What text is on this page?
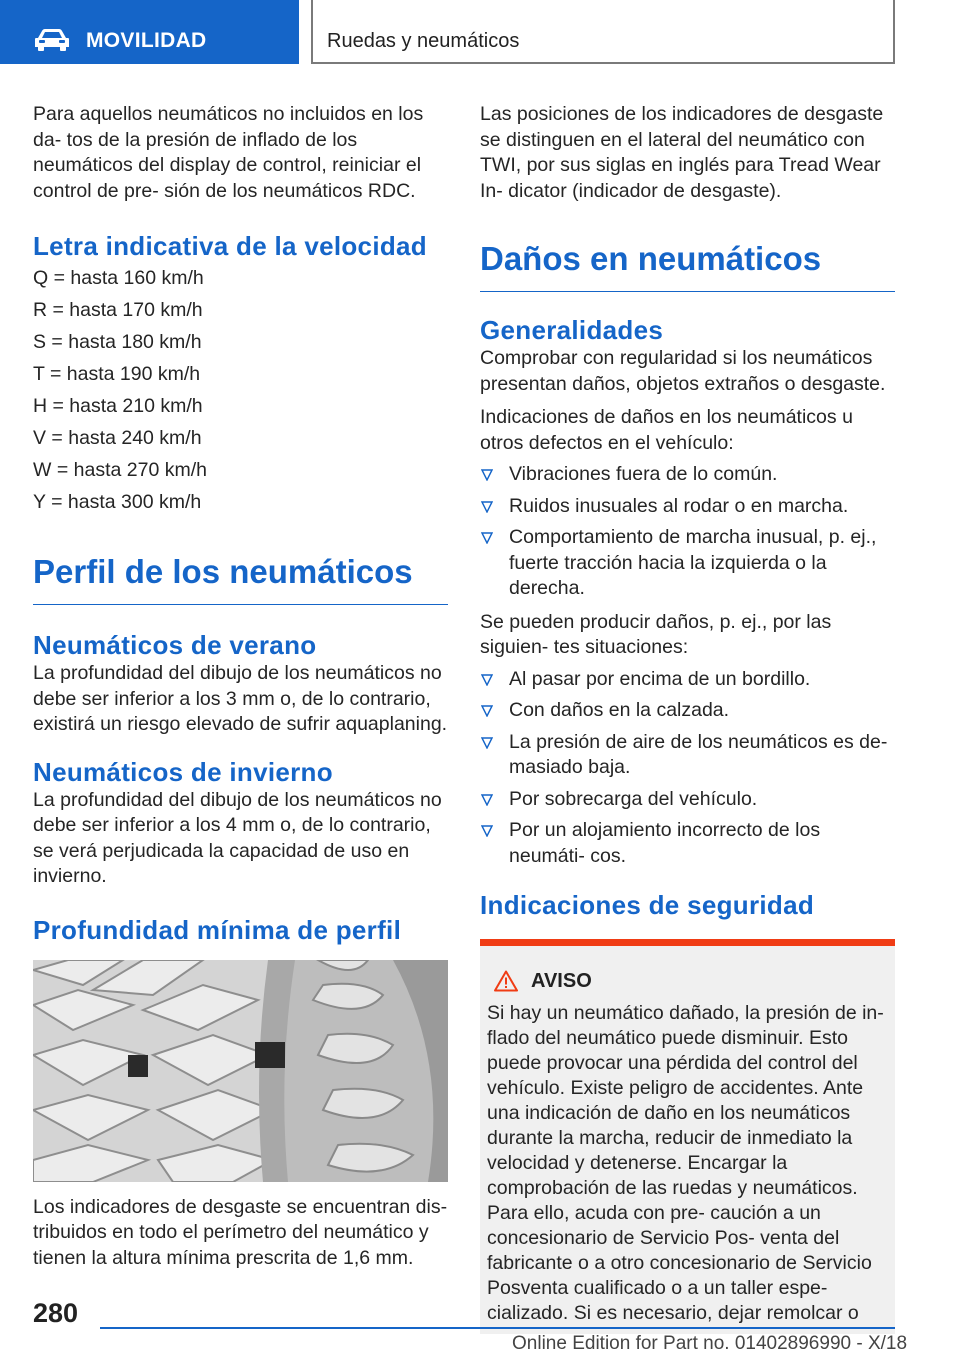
MOVILIDAD	Ruedas y neumáticos

Para aquellos neumáticos no incluidos en los da- tos de la presión de inflado de los neumáticos del display de control, reiniciar el control de pre- sión de los neumáticos RDC.

Letra indicativa de la velocidad
Q = hasta 160 km/h
R = hasta 170 km/h
S = hasta 180 km/h
T = hasta 190 km/h
H = hasta 210 km/h
V = hasta 240 km/h
W = hasta 270 km/h
Y = hasta 300 km/h
Perfil de los neumáticos
Neumáticos de verano

La profundidad del dibujo de los neumáticos no debe ser inferior a los 3 mm o, de lo contrario, existirá un riesgo elevado de sufrir aquaplaning.

Neumáticos de invierno

La profundidad del dibujo de los neumáticos no debe ser inferior a los 4 mm o, de lo contrario, se verá perjudicada la capacidad de uso en invierno.

Profundidad mínima de perfil

Los indicadores de desgaste se encuentran dis- tribuidos en todo el perímetro del neumático y tienen la altura mínima prescrita de 1,6 mm.

Las posiciones de los indicadores de desgaste se distinguen en el lateral del neumático con TWI, por sus siglas en inglés para Tread Wear In- dicator (indicador de desgaste).

Daños en neumáticos
Generalidades

Comprobar con regularidad si los neumáticos presentan daños, objetos extraños o desgaste.

Indicaciones de daños en los neumáticos u otros defectos en el vehículo:

Vibraciones fuera de lo común.
Ruidos inusuales al rodar o en marcha.
Comportamiento de marcha inusual, p. ej., fuerte tracción hacia la izquierda o la derecha.

Se pueden producir daños, p. ej., por las siguien- tes situaciones:

Al pasar por encima de un bordillo.
Con daños en la calzada.
La presión de aire de los neumáticos es de- masiado baja.
Por sobrecarga del vehículo.
Por un alojamiento incorrecto de los neumáti- cos.
Indicaciones de seguridad
AVISO

Si hay un neumático dañado, la presión de in- flado del neumático puede disminuir. Esto puede provocar una pérdida del control del vehículo. Existe peligro de accidentes. Ante una indicación de daño en los neumáticos durante la marcha, reducir de inmediato la velocidad y detenerse. Encargar la comprobación de las ruedas y neumáticos. Para ello, acuda con pre- caución a un concesionario de Servicio Pos- venta del fabricante o a otro concesionario de Servicio Posventa cualificado o a un taller espe- cializado. Si es necesario, dejar remolcar o

280
Online Edition for Part no. 01402896990 - X/18
